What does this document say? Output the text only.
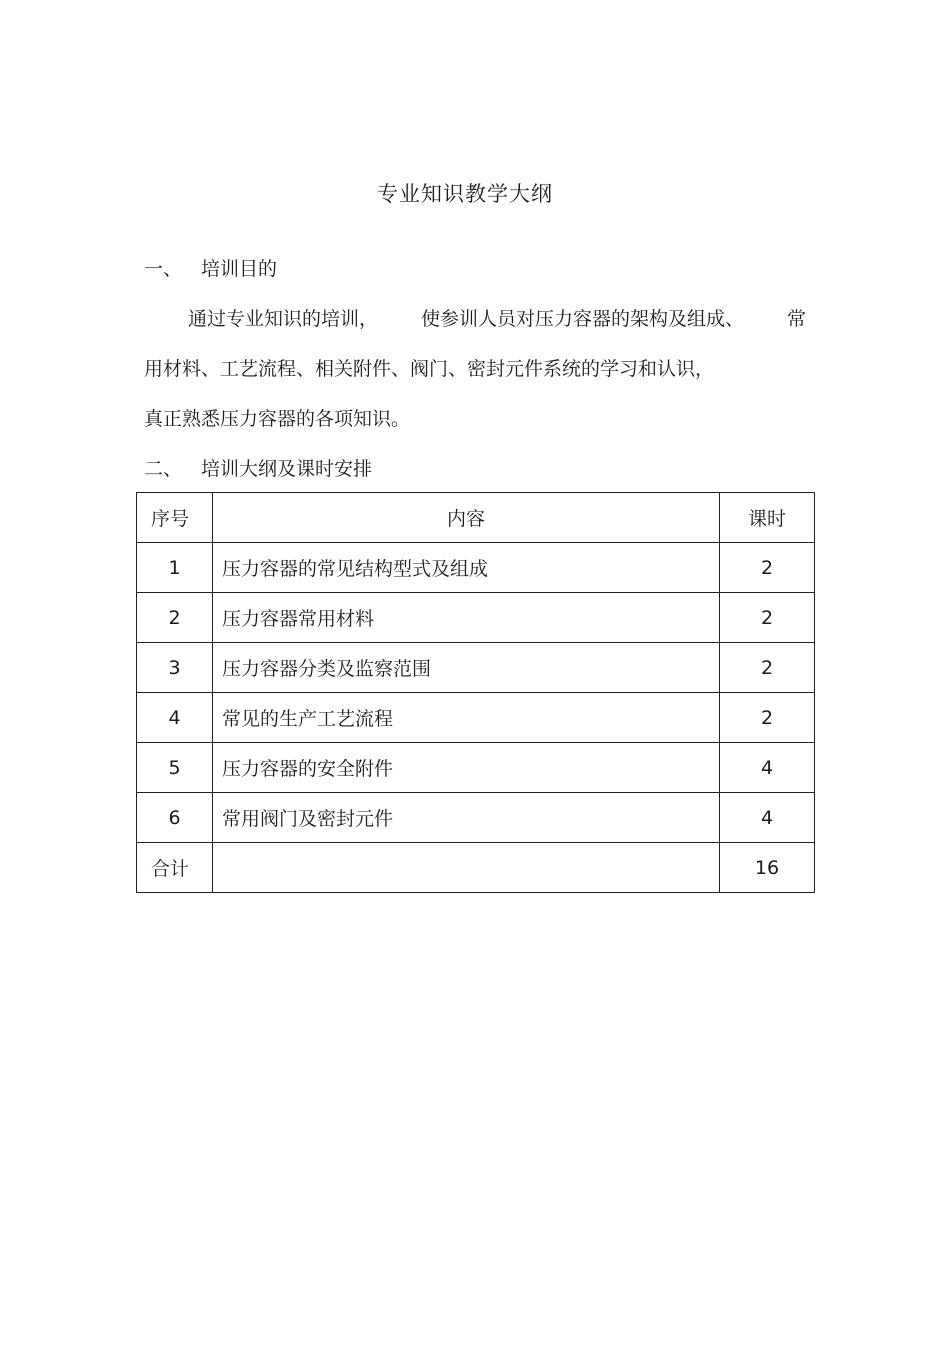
专业知识教学大纲
一、 培训目的
通过专业知识的培训， 使参训人员对压力容器的架构及组成、 常
用材料、工艺流程、相关附件、阀门、密封元件系统的学习和认识，
真正熟悉压力容器的各项知识。
二、 培训大纲及课时安排
序号	内容	课时
1	压力容器的常见结构型式及组成	2
2	压力容器常用材料	2
3	压力容器分类及监察范围	2
4	常见的生产工艺流程	2
5	压力容器的安全附件	4
6	常用阀门及密封元件	4
合计		16
